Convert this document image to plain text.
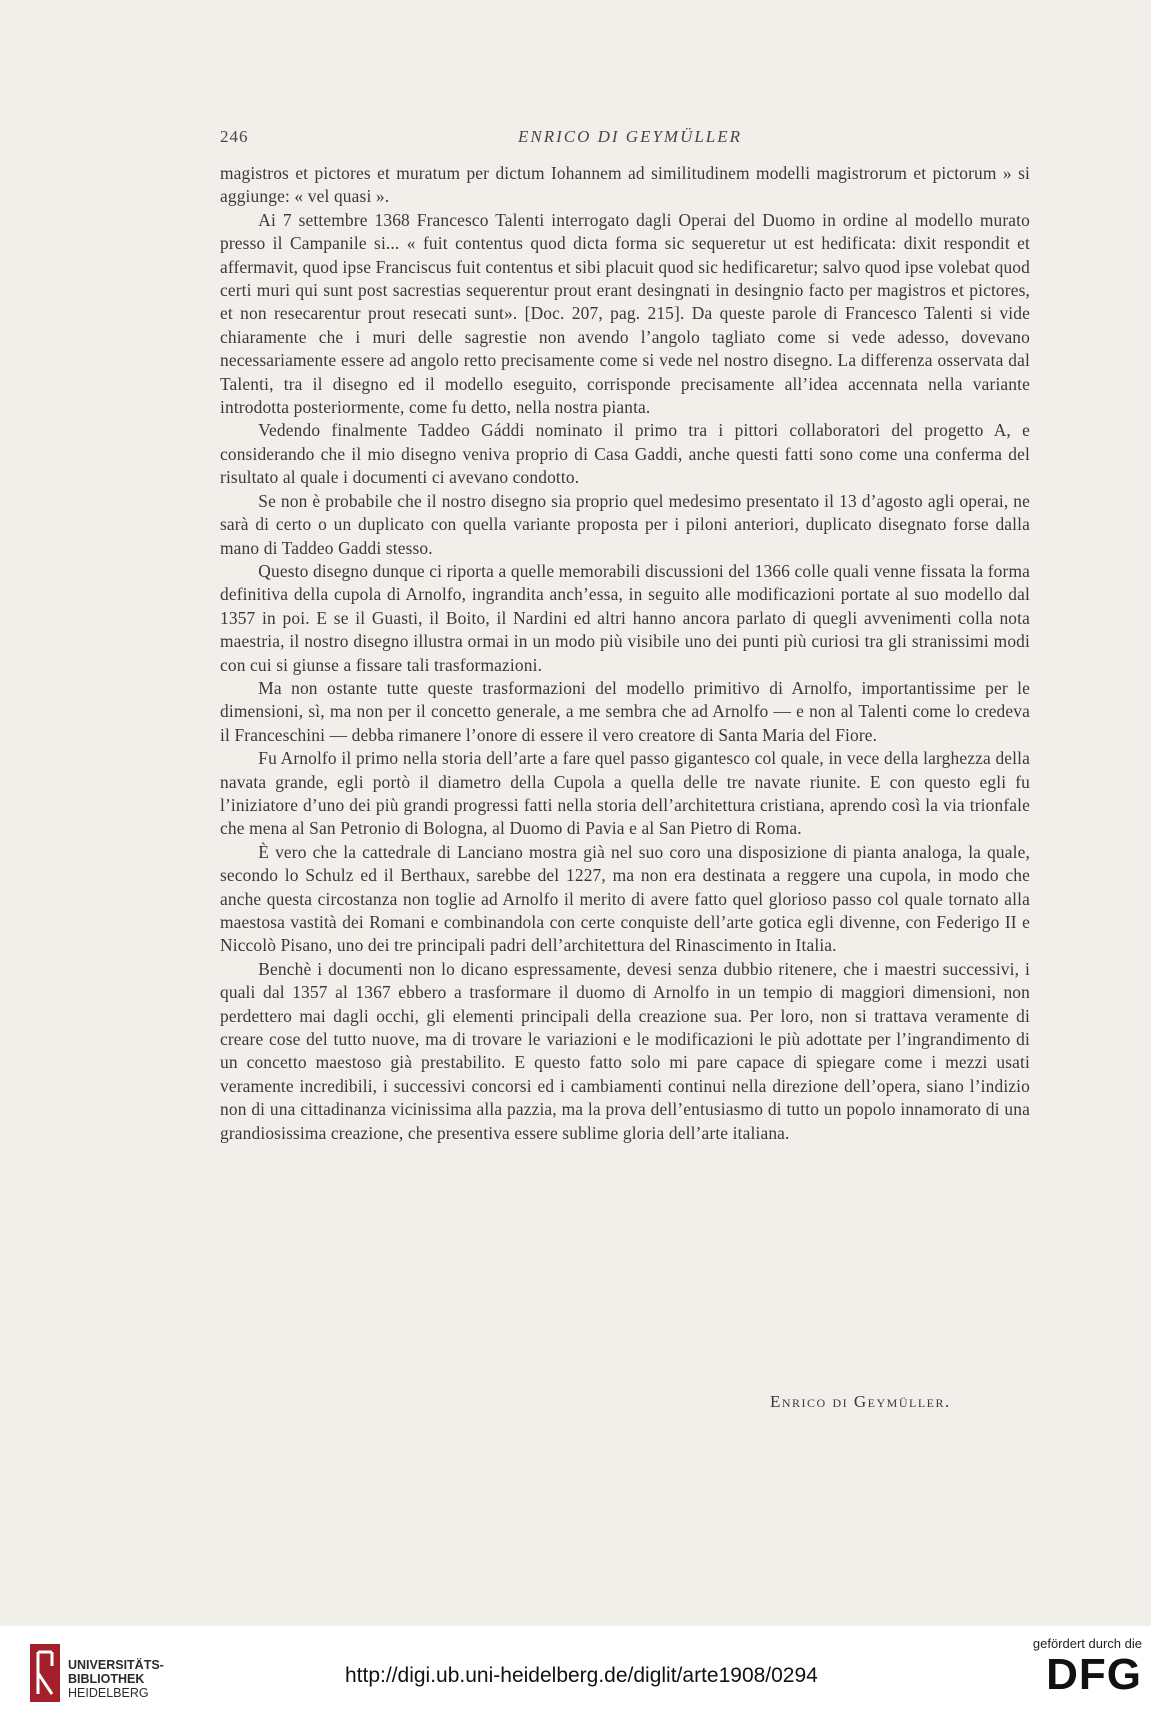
246	ENRICO DI GEYMÜLLER

magistros et pictores et muratum per dictum Iohannem ad similitudinem modelli magistrorum et pictorum » si aggiunge: « vel quasi ».

Ai 7 settembre 1368 Francesco Talenti interrogato dagli Operai del Duomo in ordine al modello murato presso il Campanile si... « fuit contentus quod dicta forma sic sequeretur ut est hedificata: dixit respondit et affermavit, quod ipse Franciscus fuit contentus et sibi placuit quod sic hedificaretur; salvo quod ipse volebat quod certi muri qui sunt post sacrestias sequerentur prout erant desingnati in desingnio facto per magistros et pictores, et non resecarentur prout resecati sunt». [Doc. 207, pag. 215]. Da queste parole di Francesco Talenti si vide chiaramente che i muri delle sagrestie non avendo l’angolo tagliato come si vede adesso, dovevano necessariamente essere ad angolo retto precisamente come si vede nel nostro disegno. La differenza osservata dal Talenti, tra il disegno ed il modello eseguito, corrisponde precisamente all’idea accennata nella variante introdotta posteriormente, come fu detto, nella nostra pianta.

Vedendo finalmente Taddeo Gáddi nominato il primo tra i pittori collaboratori del progetto A, e considerando che il mio disegno veniva proprio di Casa Gaddi, anche questi fatti sono come una conferma del risultato al quale i documenti ci avevano condotto.

Se non è probabile che il nostro disegno sia proprio quel medesimo presentato il 13 d’agosto agli operai, ne sarà di certo o un duplicato con quella variante proposta per i piloni anteriori, duplicato disegnato forse dalla mano di Taddeo Gaddi stesso.

Questo disegno dunque ci riporta a quelle memorabili discussioni del 1366 colle quali venne fissata la forma definitiva della cupola di Arnolfo, ingrandita anch’essa, in seguito alle modificazioni portate al suo modello dal 1357 in poi. E se il Guasti, il Boito, il Nardini ed altri hanno ancora parlato di quegli avvenimenti colla nota maestria, il nostro disegno illustra ormai in un modo più visibile uno dei punti più curiosi tra gli stranissimi modi con cui si giunse a fissare tali trasformazioni.

Ma non ostante tutte queste trasformazioni del modello primitivo di Arnolfo, importantissime per le dimensioni, sì, ma non per il concetto generale, a me sembra che ad Arnolfo — e non al Talenti come lo credeva il Franceschini — debba rimanere l’onore di essere il vero creatore di Santa Maria del Fiore.

Fu Arnolfo il primo nella storia dell’arte a fare quel passo gigantesco col quale, in vece della larghezza della navata grande, egli portò il diametro della Cupola a quella delle tre navate riunite. E con questo egli fu l’iniziatore d’uno dei più grandi progressi fatti nella storia dell’architettura cristiana, aprendo così la via trionfale che mena al San Petronio di Bologna, al Duomo di Pavia e al San Pietro di Roma.

È vero che la cattedrale di Lanciano mostra già nel suo coro una disposizione di pianta analoga, la quale, secondo lo Schulz ed il Berthaux, sarebbe del 1227, ma non era destinata a reggere una cupola, in modo che anche questa circostanza non toglie ad Arnolfo il merito di avere fatto quel glorioso passo col quale tornato alla maestosa vastità dei Romani e combinandola con certe conquiste dell’arte gotica egli divenne, con Federigo II e Niccolò Pisano, uno dei tre principali padri dell’architettura del Rinascimento in Italia.

Benchè i documenti non lo dicano espressamente, devesi senza dubbio ritenere, che i maestri successivi, i quali dal 1357 al 1367 ebbero a trasformare il duomo di Arnolfo in un tempio di maggiori dimensioni, non perdettero mai dagli occhi, gli elementi principali della creazione sua. Per loro, non si trattava veramente di creare cose del tutto nuove, ma di trovare le variazioni e le modificazioni le più adottate per l’ingrandimento di un concetto maestoso già prestabilito. E questo fatto solo mi pare capace di spiegare come i mezzi usati veramente incredibili, i successivi concorsi ed i cambiamenti continui nella direzione dell’opera, siano l’indizio non di una cittadinanza vicinissima alla pazzia, ma la prova dell’entusiasmo di tutto un popolo innamorato di una grandiosissima creazione, che presentiva essere sublime gloria dell’arte italiana.

Enrico di Geymüller.
UNIVERSITÄTS-
BIBLIOTHEK
HEIDELBERG
http://digi.ub.uni-heidelberg.de/diglit/arte1908/0294
gefördert durch die
DFG
